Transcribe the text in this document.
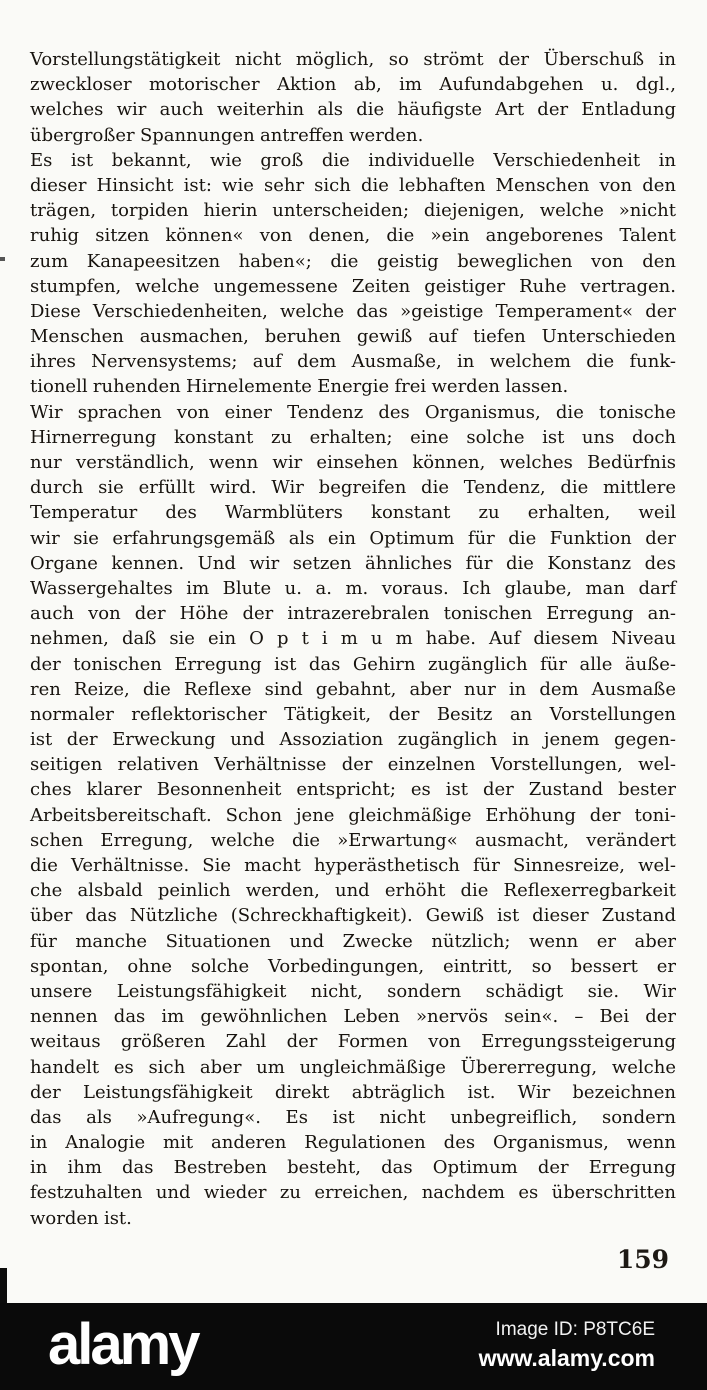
Vorstellungstätigkeit nicht möglich, so strömt der Überschuß in
zweckloser motorischer Aktion ab, im Aufundabgehen u. dgl.,
welches wir auch weiterhin als die häufigste Art der Entladung
übergroßer Spannungen antreffen werden.
Es ist bekannt, wie groß die individuelle Verschiedenheit in
dieser Hinsicht ist: wie sehr sich die lebhaften Menschen von den
trägen, torpiden hierin unterscheiden; diejenigen, welche »nicht
ruhig sitzen können« von denen, die »ein angeborenes Talent
zum Kanapeesitzen haben«; die geistig beweglichen von den
stumpfen, welche ungemessene Zeiten geistiger Ruhe vertragen.
Diese Verschiedenheiten, welche das »geistige Temperament« der
Menschen ausmachen, beruhen gewiß auf tiefen Unterschieden
ihres Nervensystems; auf dem Ausmaße, in welchem die funk-
tionell ruhenden Hirnelemente Energie frei werden lassen.
Wir sprachen von einer Tendenz des Organismus, die tonische
Hirnerregung konstant zu erhalten; eine solche ist uns doch
nur verständlich, wenn wir einsehen können, welches Bedürfnis
durch sie erfüllt wird. Wir begreifen die Tendenz, die mittlere
Temperatur des Warmblüters konstant zu erhalten, weil
wir sie erfahrungsgemäß als ein Optimum für die Funktion der
Organe kennen. Und wir setzen ähnliches für die Konstanz des
Wassergehaltes im Blute u. a. m. voraus. Ich glaube, man darf
auch von der Höhe der intrazerebralen tonischen Erregung an-
nehmen, daß sie ein O p t i m u m habe. Auf diesem Niveau
der tonischen Erregung ist das Gehirn zugänglich für alle äuße-
ren Reize, die Reflexe sind gebahnt, aber nur in dem Ausmaße
normaler reflektorischer Tätigkeit, der Besitz an Vorstellungen
ist der Erweckung und Assoziation zugänglich in jenem gegen-
seitigen relativen Verhältnisse der einzelnen Vorstellungen, wel-
ches klarer Besonnenheit entspricht; es ist der Zustand bester
Arbeitsbereitschaft. Schon jene gleichmäßige Erhöhung der toni-
schen Erregung, welche die »Erwartung« ausmacht, verändert
die Verhältnisse. Sie macht hyperästhetisch für Sinnesreize, wel-
che alsbald peinlich werden, und erhöht die Reflexerregbarkeit
über das Nützliche (Schreckhaftigkeit). Gewiß ist dieser Zustand
für manche Situationen und Zwecke nützlich; wenn er aber
spontan, ohne solche Vorbedingungen, eintritt, so bessert er
unsere Leistungsfähigkeit nicht, sondern schädigt sie. Wir
nennen das im gewöhnlichen Leben »nervös sein«. – Bei der
weitaus größeren Zahl der Formen von Erregungssteigerung
handelt es sich aber um ungleichmäßige Übererregung, welche
der Leistungsfähigkeit direkt abträglich ist. Wir bezeichnen
das als »Aufregung«. Es ist nicht unbegreiflich, sondern
in Analogie mit anderen Regulationen des Organismus, wenn
in ihm das Bestreben besteht, das Optimum der Erregung
festzuhalten und wieder zu erreichen, nachdem es überschritten
worden ist.
159
alamy	Image ID: P8TC6E
www.alamy.com
